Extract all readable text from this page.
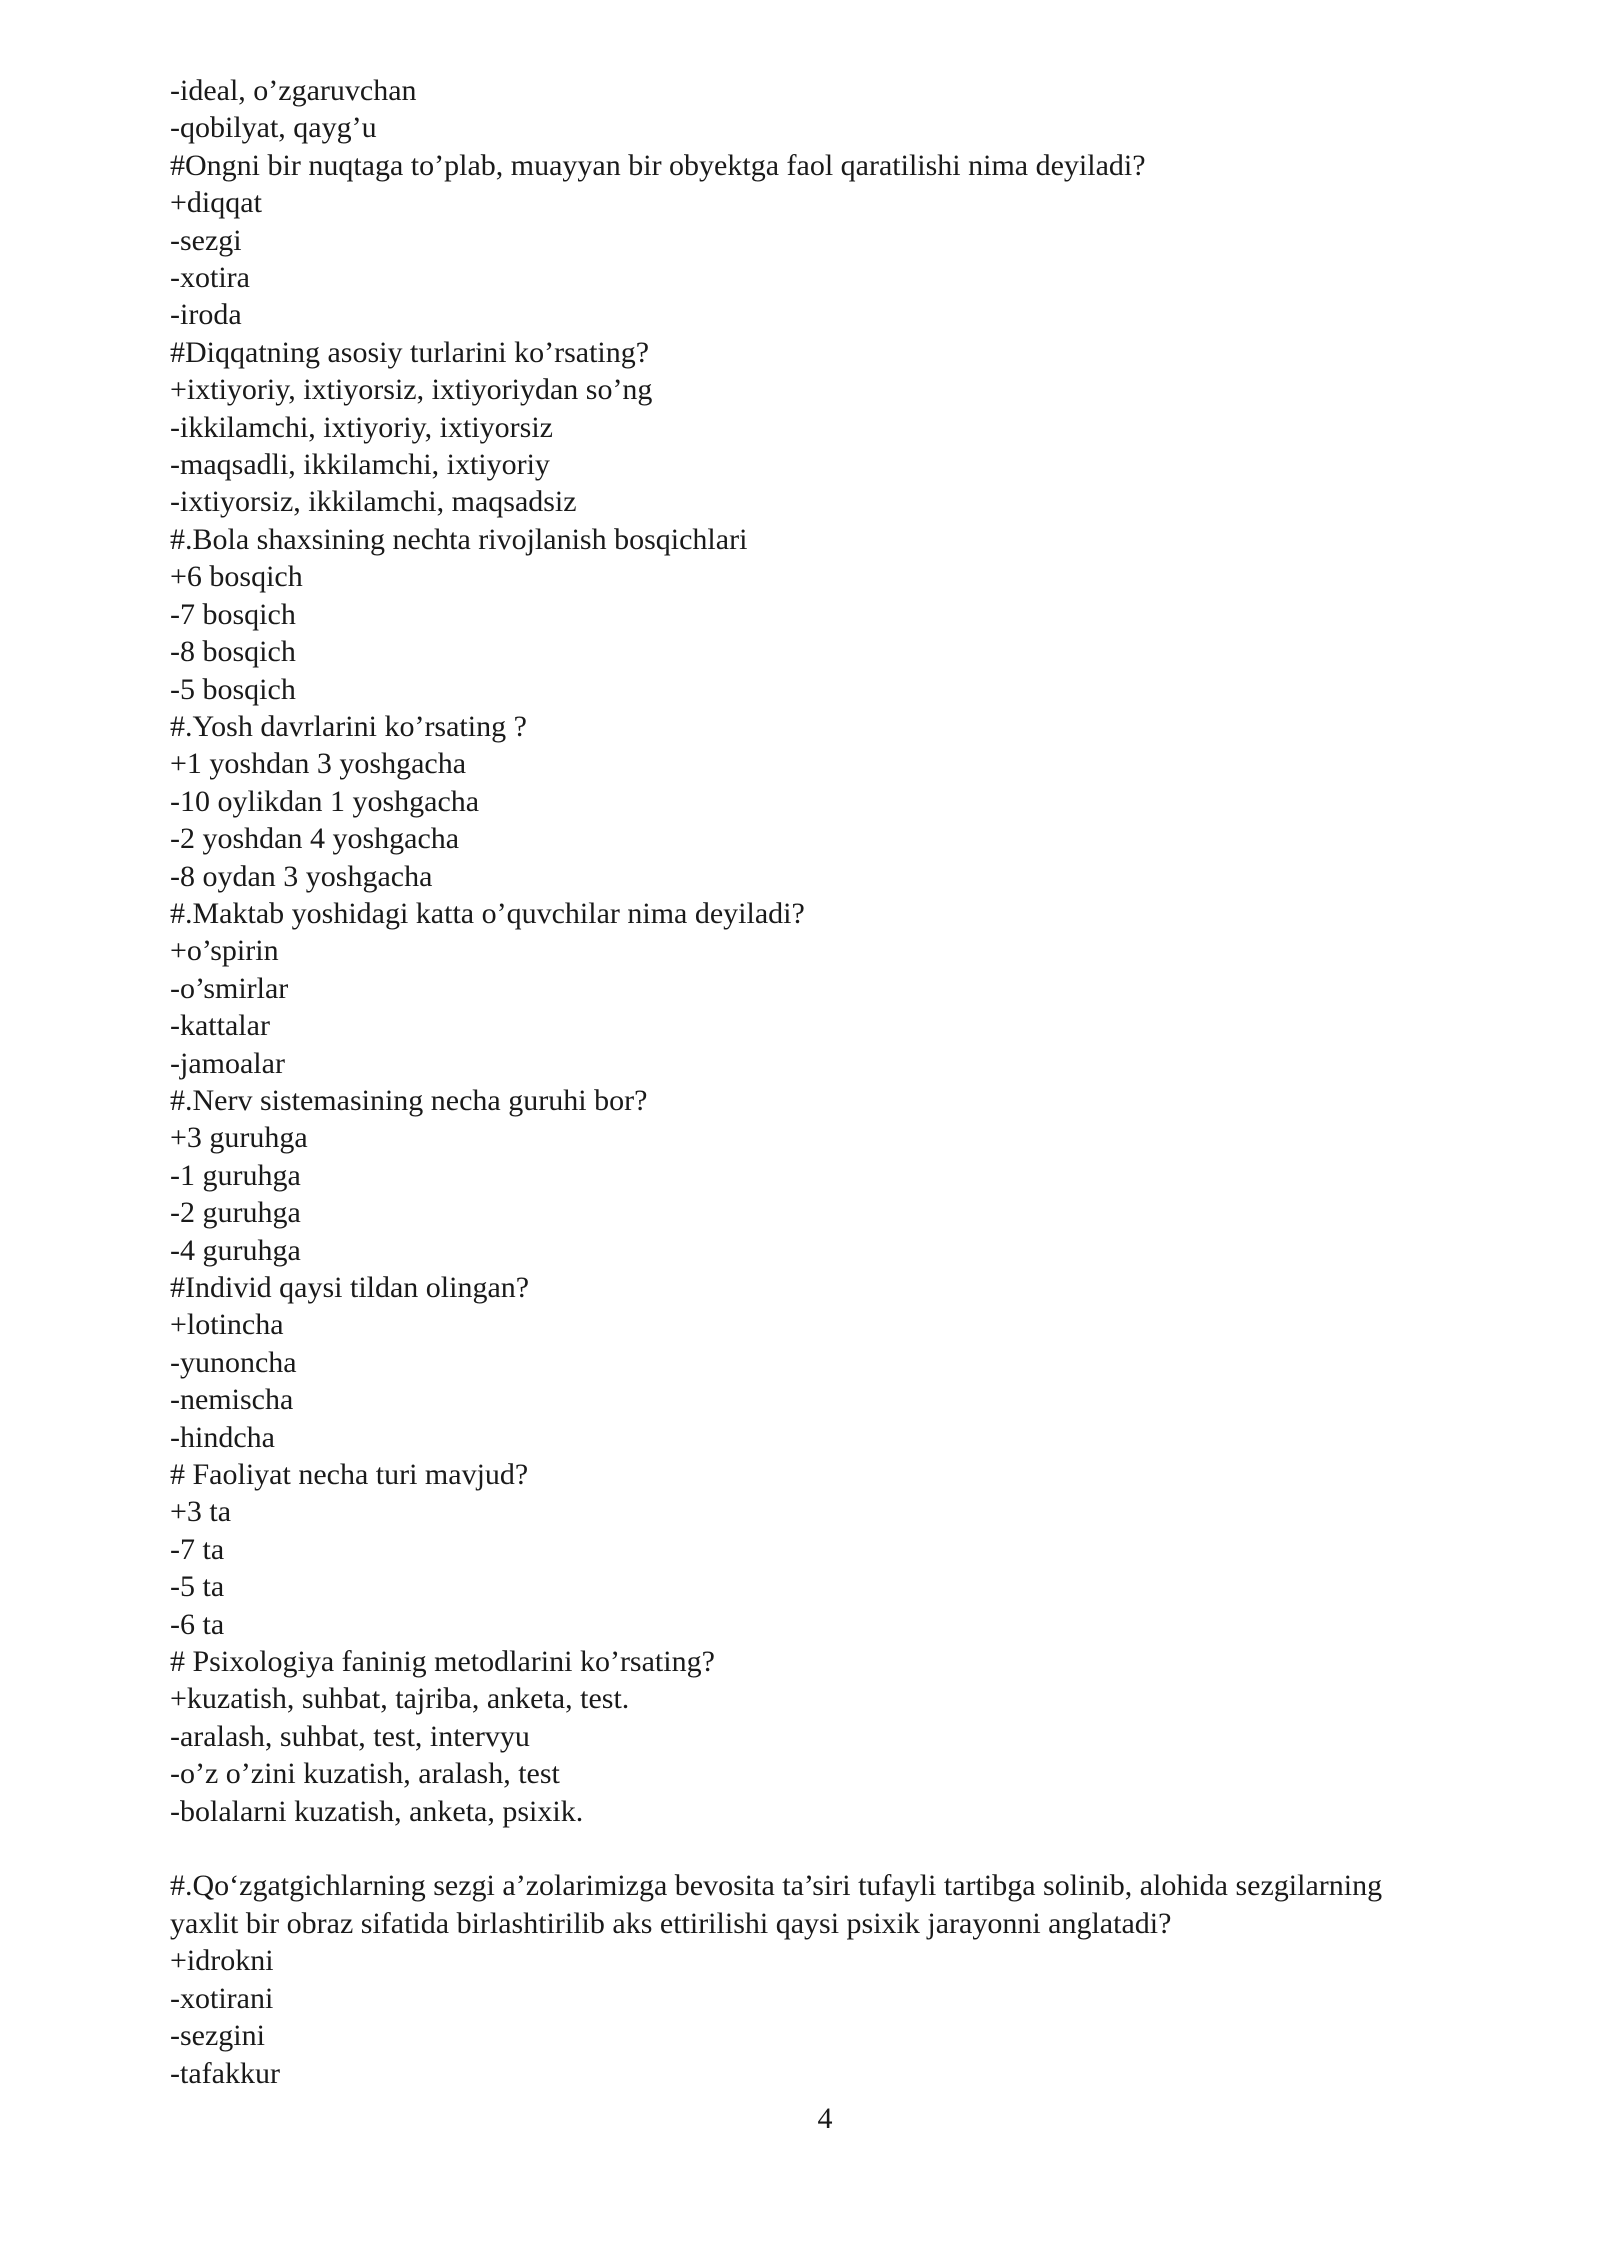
-ideal, o’zgaruvchan
-qobilyat, qayg’u
#Ongni bir nuqtaga to’plab, muayyan bir obyektga faol qaratilishi nima deyiladi?
+diqqat
-sezgi
-xotira
-iroda
#Diqqatning asosiy turlarini ko’rsating?
+ixtiyoriy, ixtiyorsiz, ixtiyoriydan so’ng
-ikkilamchi, ixtiyoriy, ixtiyorsiz
-maqsadli, ikkilamchi, ixtiyoriy
-ixtiyorsiz, ikkilamchi, maqsadsiz
#.Bola shaxsining nechta rivojlanish bosqichlari
+6 bosqich
-7 bosqich
-8 bosqich
-5 bosqich
#.Yosh davrlarini ko’rsating ?
+1 yoshdan 3 yoshgacha
-10 oylikdan 1 yoshgacha
-2 yoshdan 4 yoshgacha
-8 oydan 3 yoshgacha
#.Maktab yoshidagi katta o’quvchilar nima deyiladi?
+o’spirin
-o’smirlar
-kattalar
-jamoalar
#.Nerv sistemasining necha guruhi bor?
+3 guruhga
-1 guruhga
-2 guruhga
-4 guruhga
#Individ qaysi tildan olingan?
+lotincha
-yunoncha
-nemischa
-hindcha
# Faoliyat necha turi mavjud?
+3 ta
-7 ta
-5 ta
-6 ta
# Psixologiya faninig metodlarini ko’rsating?
+kuzatish, suhbat, tajriba, anketa, test.
-aralash, suhbat, test, intervyu
-o’z o’zini kuzatish, aralash, test
-bolalarni kuzatish, anketa, psixik.
#.Qo‘zgatgichlarning sezgi a’zolarimizga bevosita ta’siri tufayli tartibga solinib, alohida sezgilarning
yaxlit bir obraz sifatida birlashtirilib aks ettirilishi qaysi psixik jarayonni anglatadi?
+idrokni
-xotirani
-sezgini
-tafakkur
4
